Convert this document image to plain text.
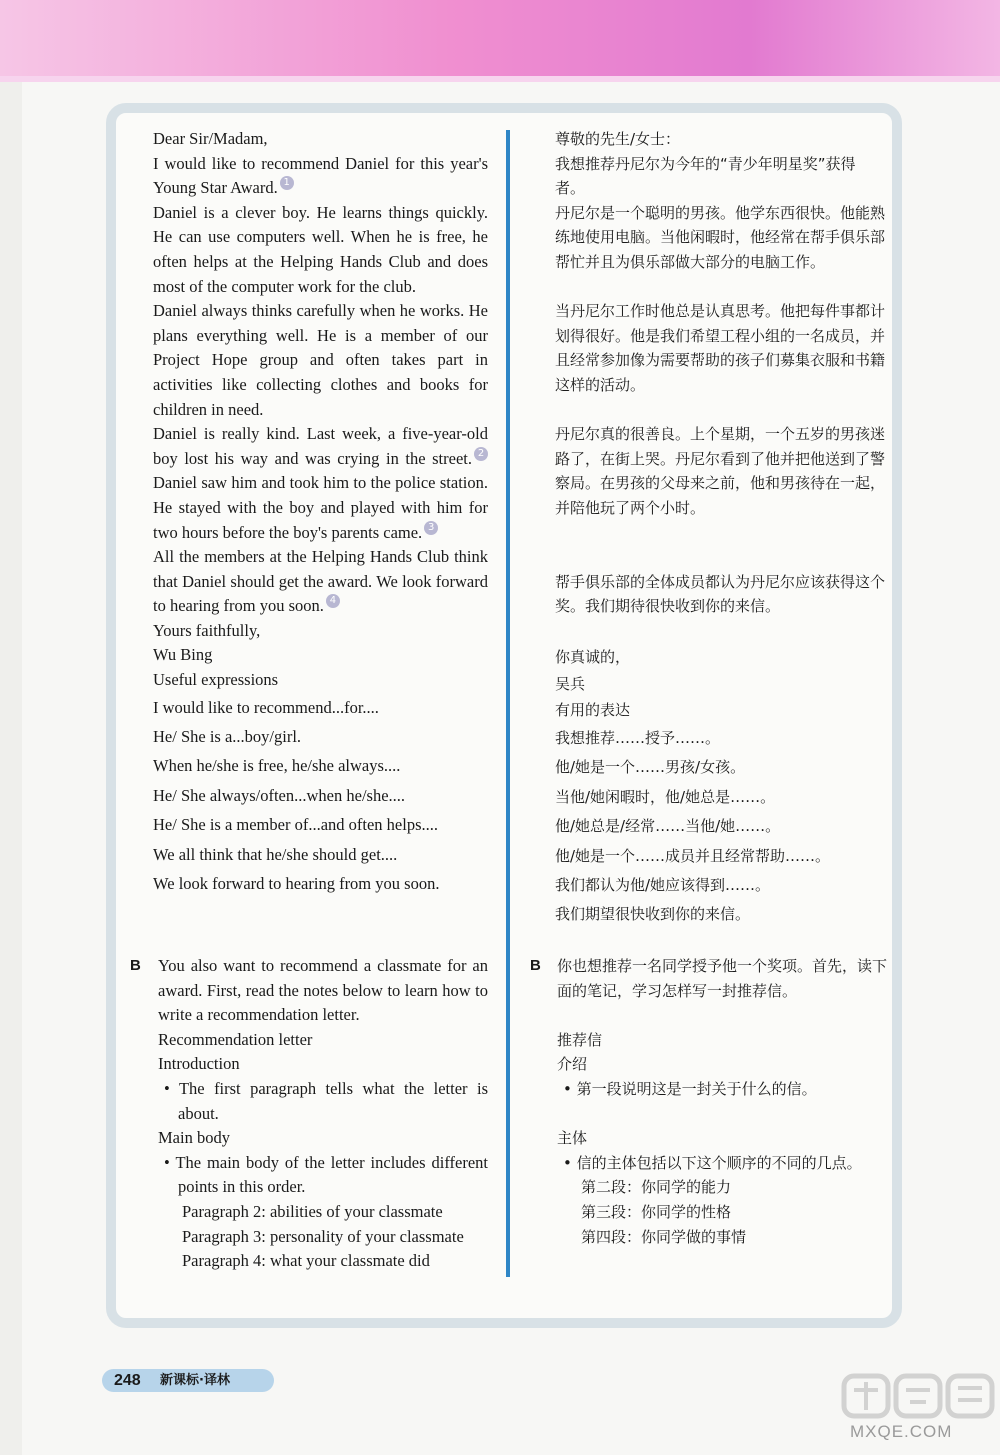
Dear Sir/Madam,

I would like to recommend Daniel for this year's Young Star Award. 1

Daniel is a clever boy. He learns things quickly. He can use computers well. When he is free, he often helps at the Helping Hands Club and does most of the computer work for the club.

Daniel always thinks carefully when he works. He plans everything well. He is a member of our Project Hope group and often takes part in activities like collecting clothes and books for children in need.

Daniel is really kind. Last week, a five-year-old boy lost his way and was crying in the street. 2Daniel saw him and took him to the police station. He stayed with the boy and played with him for two hours before the boy's parents came. 3

All the members at the Helping Hands Club think that Daniel should get the award. We look forward to hearing from you soon. 4

Yours faithfully,

Wu Bing

Useful expressions

I would like to recommend...for....

He/ She is a...boy/girl.

When he/she is free, he/she always....

He/ She always/often...when he/she....

He/ She is a member of...and often helps....

We all think that he/she should get....

We look forward to hearing from you soon.

尊敬的先生/女士：

我想推荐丹尼尔为今年的“青少年明星奖”获得者。

丹尼尔是一个聪明的男孩。他学东西很快。他能熟练地使用电脑。当他闲暇时，他经常在帮手俱乐部帮忙并且为俱乐部做大部分的电脑工作。

当丹尼尔工作时他总是认真思考。他把每件事都计划得很好。他是我们希望工程小组的一名成员，并且经常参加像为需要帮助的孩子们募集衣服和书籍这样的活动。

丹尼尔真的很善良。上个星期，一个五岁的男孩迷路了，在街上哭。丹尼尔看到了他并把他送到了警察局。在男孩的父母来之前，他和男孩待在一起，并陪他玩了两个小时。

帮手俱乐部的全体成员都认为丹尼尔应该获得这个奖。我们期待很快收到你的来信。

你真诚的，

吴兵

有用的表达

我想推荐……授予……。

他/她是一个……男孩/女孩。

当他/她闲暇时，他/她总是……。

他/她总是/经常……当他/她……。

他/她是一个……成员并且经常帮助……。

我们都认为他/她应该得到……。

我们期望很快收到你的来信。

B	B

You also want to recommend a classmate for an award. First, read the notes below to learn how to write a recommendation letter.

Recommendation letter

Introduction

• The first paragraph tells what the letter is about.

Main body

• The main body of the letter includes different points in this order.

Paragraph 2: abilities of your classmate

Paragraph 3: personality of your classmate

Paragraph 4: what your classmate did

你也想推荐一名同学授予他一个奖项。首先，读下面的笔记，学习怎样写一封推荐信。

推荐信

介绍

• 第一段说明这是一封关于什么的信。

主体

• 信的主体包括以下这个顺序的不同的几点。

第二段：你同学的能力

第三段：你同学的性格

第四段：你同学做的事情

248 新课标·译林
MXQE.COM
